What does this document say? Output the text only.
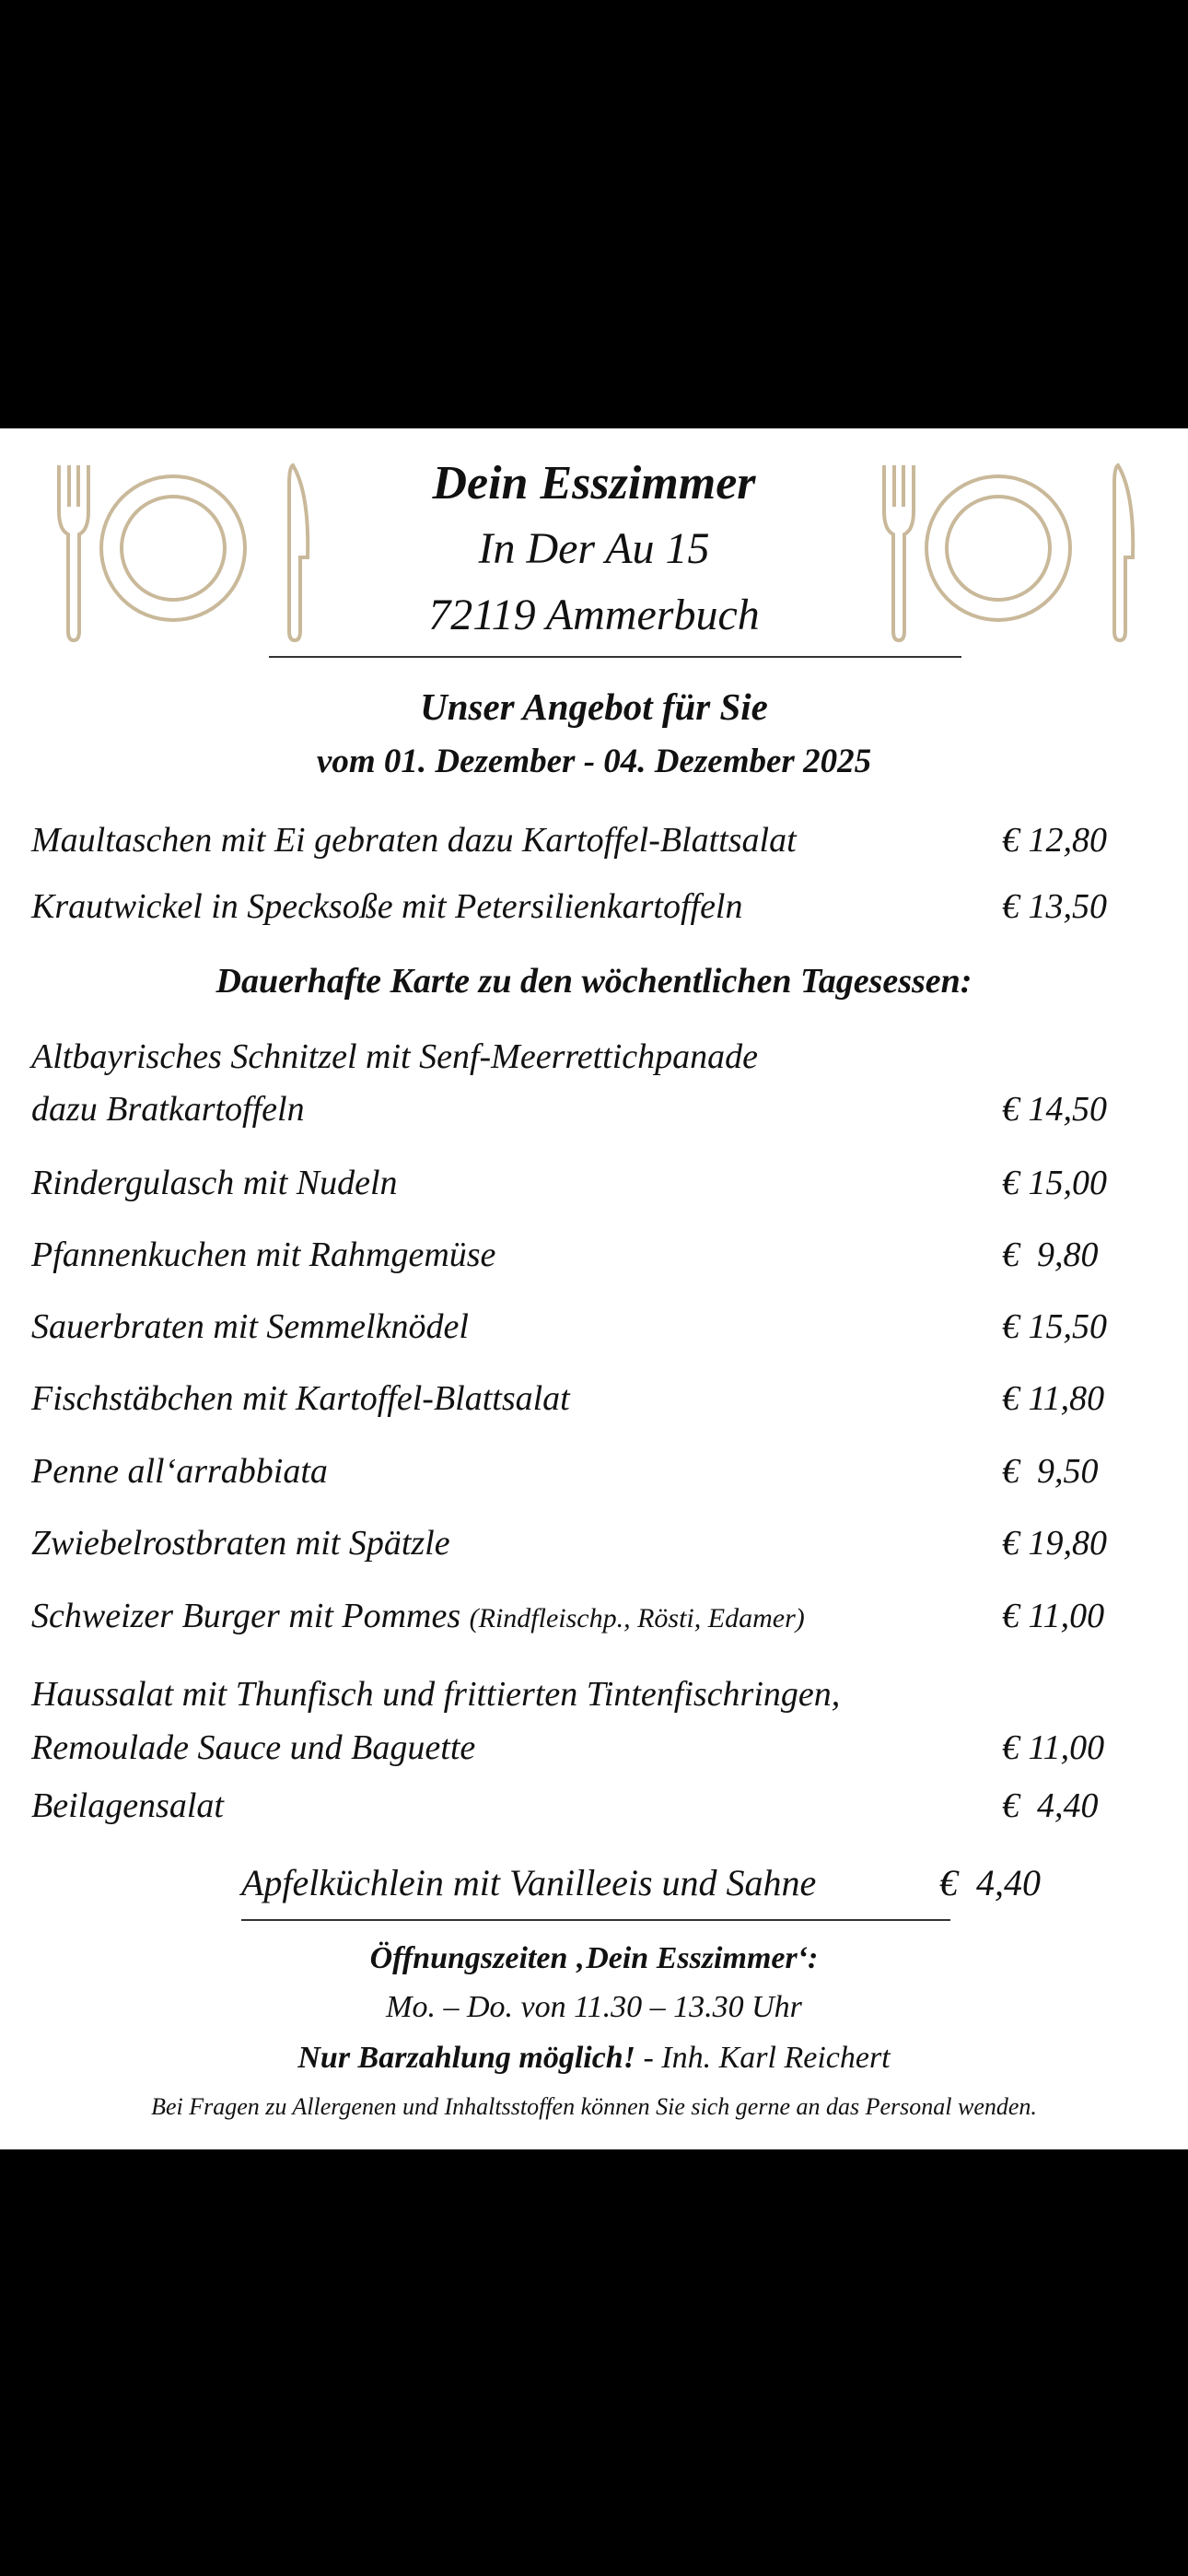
Dein Esszimmer
In Der Au 15
72119 Ammerbuch
Unser Angebot für Sie
vom 01. Dezember - 04. Dezember 2025
Maultaschen mit Ei gebraten dazu Kartoffel-Blattsalat	€ 12,80
Krautwickel in Specksoße mit Petersilienkartoffeln	€ 13,50
Dauerhafte Karte zu den wöchentlichen Tagesessen:
Altbayrisches Schnitzel mit Senf-Meerrettichpanade
dazu Bratkartoffeln	€ 14,50
Rindergulasch mit Nudeln	€ 15,00
Pfannenkuchen mit Rahmgemüse	€  9,80
Sauerbraten mit Semmelknödel	€ 15,50
Fischstäbchen mit Kartoffel-Blattsalat	€ 11,80
Penne all‘arrabbiata	€  9,50
Zwiebelrostbraten mit Spätzle	€ 19,80
Schweizer Burger mit Pommes (Rindfleischp., Rösti, Edamer)	€ 11,00
Haussalat mit Thunfisch und frittierten Tintenfischringen,
Remoulade Sauce und Baguette	€ 11,00
Beilagensalat	€  4,40
Apfelküchlein mit Vanilleeis und Sahne	€  4,40
Öffnungszeiten ‚Dein Esszimmer‘:
Mo. – Do. von 11.30 – 13.30 Uhr
Nur Barzahlung möglich! - Inh. Karl Reichert
Bei Fragen zu Allergenen und Inhaltsstoffen können Sie sich gerne an das Personal wenden.
